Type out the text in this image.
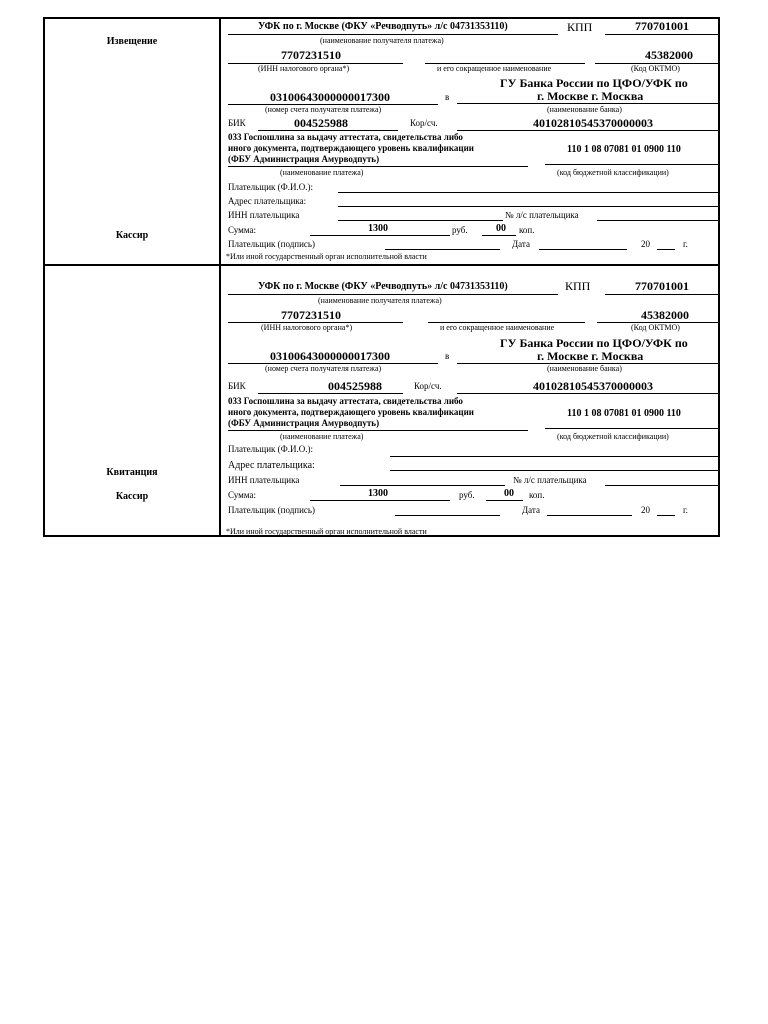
Извещение
Кассир
УФК по г. Москве (ФКУ «Речводпуть» л/с 04731353110)	КПП	770701001
(наименование получателя платежа)
7707231510	45382000
(ИНН налогового органа*)	и его сокращенное наименование	(Код ОКТМО)
ГУ Банка России по ЦФО/УФК по
03100643000000017300	в	г. Москве г. Москва
(номер счета получателя платежа)	(наименование банка)
БИК	004525988	Кор/сч.	40102810545370000003
033 Госпошлина за выдачу аттестата, свидетельства либо
иного документа, подтверждающего уровень квалификации
(ФБУ Администрация Амурводпуть)
110 1 08 07081 01 0900 110
(наименование платежа)	(код бюджетной классификации)
Плательщик (Ф.И.О.):
Адрес плательщика:
ИНН плательщика	№ л/с плательщика
Сумма:	1300	руб.	00 коп.
Плательщик (подпись)	Дата	20	г.
*Или иной государственный орган исполнительной власти
Квитанция
Кассир
УФК по г. Москве (ФКУ «Речводпуть» л/с 04731353110)	КПП	770701001
(наименование получателя платежа)
7707231510	45382000
(ИНН налогового органа*)	и его сокращенное наименование	(Код ОКТМО)
ГУ Банка России по ЦФО/УФК по
03100643000000017300	в	г. Москве г. Москва
(номер счета получателя платежа)	(наименование банка)
БИК	004525988	Кор/сч.	40102810545370000003
033 Госпошлина за выдачу аттестата, свидетельства либо
иного документа, подтверждающего уровень квалификации
(ФБУ Администрация Амурводпуть)
110 1 08 07081 01 0900 110
(наименование платежа)	(код бюджетной классификации)
Плательщик (Ф.И.О.):
Адрес плательщика:
ИНН плательщика	№ л/с плательщика
Сумма:	1300	руб.	00 коп.
Плательщик (подпись)	Дата	20	г.
*Или иной государственный орган исполнительной власти
